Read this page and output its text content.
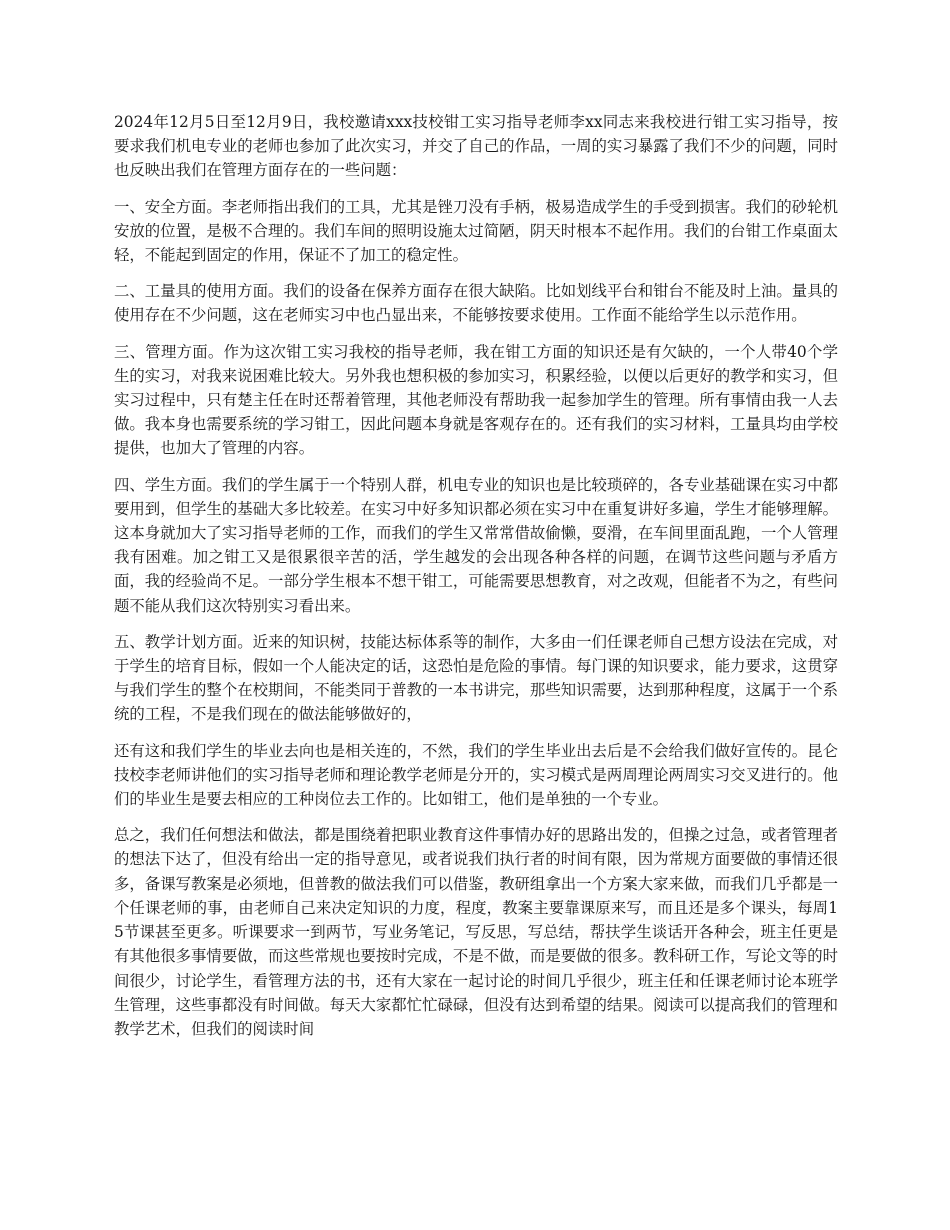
2024年12月5日至12月9日，我校邀请xxx技校钳工实习指导老师李xx同志来我校进行钳工实习指导，按要求我们机电专业的老师也参加了此次实习，并交了自己的作品，一周的实习暴露了我们不少的问题，同时也反映出我们在管理方面存在的一些问题：

一、安全方面。李老师指出我们的工具，尤其是锉刀没有手柄，极易造成学生的手受到损害。我们的砂轮机安放的位置，是极不合理的。我们车间的照明设施太过简陋，阴天时根本不起作用。我们的台钳工作桌面太轻，不能起到固定的作用，保证不了加工的稳定性。

二、工量具的使用方面。我们的设备在保养方面存在很大缺陷。比如划线平台和钳台不能及时上油。量具的使用存在不少问题，这在老师实习中也凸显出来，不能够按要求使用。工作面不能给学生以示范作用。

三、管理方面。作为这次钳工实习我校的指导老师，我在钳工方面的知识还是有欠缺的，一个人带40个学生的实习，对我来说困难比较大。另外我也想积极的参加实习，积累经验，以便以后更好的教学和实习，但实习过程中，只有楚主任在时还帮着管理，其他老师没有帮助我一起参加学生的管理。所有事情由我一人去做。我本身也需要系统的学习钳工，因此问题本身就是客观存在的。还有我们的实习材料，工量具均由学校提供，也加大了管理的内容。

四、学生方面。我们的学生属于一个特别人群，机电专业的知识也是比较琐碎的，各专业基础课在实习中都要用到，但学生的基础大多比较差。在实习中好多知识都必须在实习中在重复讲好多遍，学生才能够理解。这本身就加大了实习指导老师的工作，而我们的学生又常常借故偷懒，耍滑，在车间里面乱跑，一个人管理我有困难。加之钳工又是很累很辛苦的活，学生越发的会出现各种各样的问题，在调节这些问题与矛盾方面，我的经验尚不足。一部分学生根本不想干钳工，可能需要思想教育，对之改观，但能者不为之，有些问题不能从我们这次特别实习看出来。

五、教学计划方面。近来的知识树，技能达标体系等的制作，大多由一们任课老师自己想方设法在完成，对于学生的培育目标，假如一个人能决定的话，这恐怕是危险的事情。每门课的知识要求，能力要求，这贯穿与我们学生的整个在校期间，不能类同于普教的一本书讲完，那些知识需要，达到那种程度，这属于一个系统的工程，不是我们现在的做法能够做好的，

还有这和我们学生的毕业去向也是相关连的，不然，我们的学生毕业出去后是不会给我们做好宣传的。昆仑技校李老师讲他们的实习指导老师和理论教学老师是分开的，实习模式是两周理论两周实习交叉进行的。他们的毕业生是要去相应的工种岗位去工作的。比如钳工，他们是单独的一个专业。

总之，我们任何想法和做法，都是围绕着把职业教育这件事情办好的思路出发的，但操之过急，或者管理者的想法下达了，但没有给出一定的指导意见，或者说我们执行者的时间有限，因为常规方面要做的事情还很多，备课写教案是必须地，但普教的做法我们可以借鉴，教研组拿出一个方案大家来做，而我们几乎都是一个任课老师的事，由老师自己来决定知识的力度，程度，教案主要靠课原来写，而且还是多个课头，每周15节课甚至更多。听课要求一到两节，写业务笔记，写反思，写总结，帮扶学生谈话开各种会，班主任更是有其他很多事情要做，而这些常规也要按时完成，不是不做，而是要做的很多。教科研工作，写论文等的时间很少，讨论学生，看管理方法的书，还有大家在一起讨论的时间几乎很少，班主任和任课老师讨论本班学生管理，这些事都没有时间做。每天大家都忙忙碌碌，但没有达到希望的结果。阅读可以提高我们的管理和教学艺术，但我们的阅读时间
